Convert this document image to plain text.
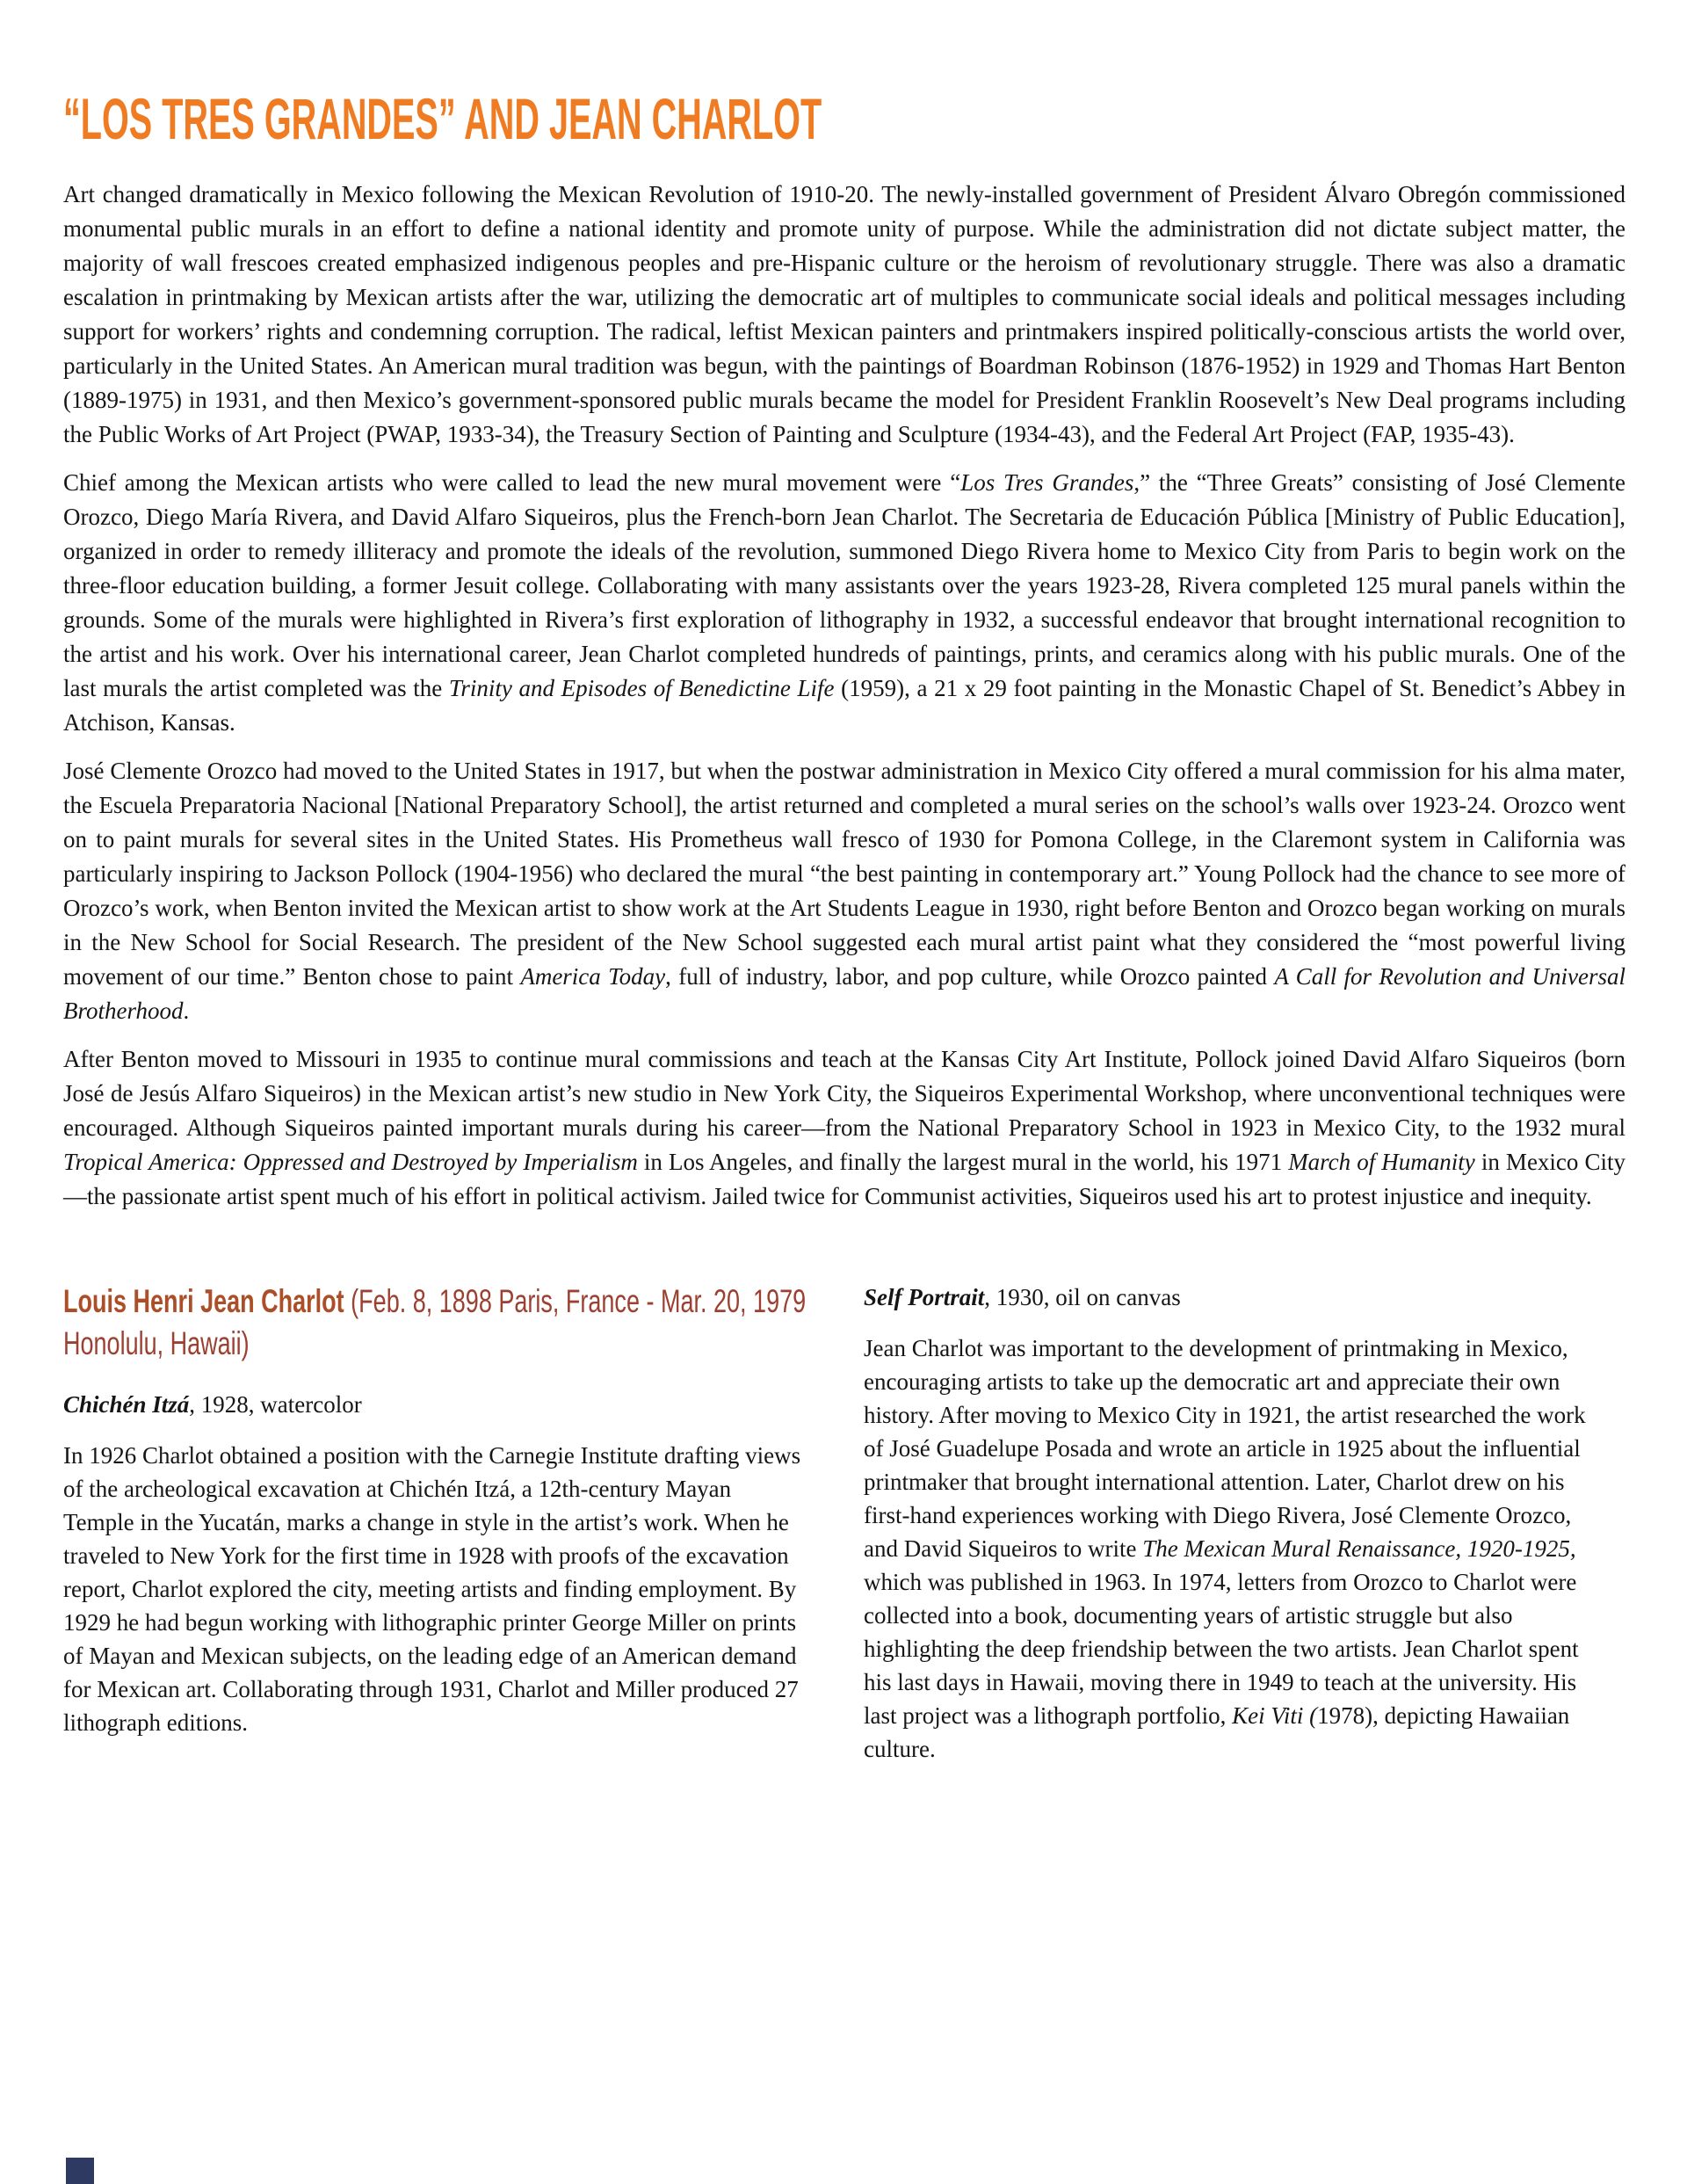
“LOS TRES GRANDES” AND JEAN CHARLOT

Art changed dramatically in Mexico following the Mexican Revolution of 1910-20. The newly-installed government of President Álvaro Obregón commissioned monumental public murals in an effort to define a national identity and promote unity of purpose. While the administration did not dictate subject matter, the majority of wall frescoes created emphasized indigenous peoples and pre-Hispanic culture or the heroism of revolutionary struggle. There was also a dramatic escalation in printmaking by Mexican artists after the war, utilizing the democratic art of multiples to communicate social ideals and political messages including support for workers’ rights and condemning corruption. The radical, leftist Mexican painters and printmakers inspired politically-conscious artists the world over, particularly in the United States. An American mural tradition was begun, with the paintings of Boardman Robinson (1876-1952) in 1929 and Thomas Hart Benton (1889-1975) in 1931, and then Mexico’s government-sponsored public murals became the model for President Franklin Roosevelt’s New Deal programs including the Public Works of Art Project (PWAP, 1933-34), the Treasury Section of Painting and Sculpture (1934-43), and the Federal Art Project (FAP, 1935-43).

Chief among the Mexican artists who were called to lead the new mural movement were “Los Tres Grandes,” the “Three Greats” consisting of José Clemente Orozco, Diego María Rivera, and David Alfaro Siqueiros, plus the French-born Jean Charlot. The Secretaria de Educación Pública [Ministry of Public Education], organized in order to remedy illiteracy and promote the ideals of the revolution, summoned Diego Rivera home to Mexico City from Paris to begin work on the three-floor education building, a former Jesuit college. Collaborating with many assistants over the years 1923-28, Rivera completed 125 mural panels within the grounds. Some of the murals were highlighted in Rivera’s first exploration of lithography in 1932, a successful endeavor that brought international recognition to the artist and his work. Over his international career, Jean Charlot completed hundreds of paintings, prints, and ceramics along with his public murals. One of the last murals the artist completed was the Trinity and Episodes of Benedictine Life (1959), a 21 x 29 foot painting in the Monastic Chapel of St. Benedict’s Abbey in Atchison, Kansas.

José Clemente Orozco had moved to the United States in 1917, but when the postwar administration in Mexico City offered a mural commission for his alma mater, the Escuela Preparatoria Nacional [National Preparatory School], the artist returned and completed a mural series on the school’s walls over 1923-24. Orozco went on to paint murals for several sites in the United States. His Prometheus wall fresco of 1930 for Pomona College, in the Claremont system in California was particularly inspiring to Jackson Pollock (1904-1956) who declared the mural “the best painting in contemporary art.” Young Pollock had the chance to see more of Orozco’s work, when Benton invited the Mexican artist to show work at the Art Students League in 1930, right before Benton and Orozco began working on murals in the New School for Social Research. The president of the New School suggested each mural artist paint what they considered the “most powerful living movement of our time.” Benton chose to paint America Today, full of industry, labor, and pop culture, while Orozco painted A Call for Revolution and Universal Brotherhood.

After Benton moved to Missouri in 1935 to continue mural commissions and teach at the Kansas City Art Institute, Pollock joined David Alfaro Siqueiros (born José de Jesús Alfaro Siqueiros) in the Mexican artist’s new studio in New York City, the Siqueiros Experimental Workshop, where unconventional techniques were encouraged. Although Siqueiros painted important murals during his career—from the National Preparatory School in 1923 in Mexico City, to the 1932 mural Tropical America: Oppressed and Destroyed by Imperialism in Los Angeles, and finally the largest mural in the world, his 1971 March of Humanity in Mexico City—the passionate artist spent much of his effort in political activism. Jailed twice for Communist activities, Siqueiros used his art to protest injustice and inequity.

Louis Henri Jean Charlot (Feb. 8, 1898 Paris, France - Mar. 20, 1979 Honolulu, Hawaii)

Chichén Itzá, 1928, watercolor

In 1926 Charlot obtained a position with the Carnegie Institute drafting views of the archeological excavation at Chichén Itzá, a 12th-century Mayan Temple in the Yucatán, marks a change in style in the artist’s work. When he traveled to New York for the first time in 1928 with proofs of the excavation report, Charlot explored the city, meeting artists and finding employment. By 1929 he had begun working with lithographic printer George Miller on prints of Mayan and Mexican subjects, on the leading edge of an American demand for Mexican art. Collaborating through 1931, Charlot and Miller produced 27 lithograph editions.

Self Portrait, 1930, oil on canvas

Jean Charlot was important to the development of printmaking in Mexico, encouraging artists to take up the democratic art and appreciate their own history. After moving to Mexico City in 1921, the artist researched the work of José Guadelupe Posada and wrote an article in 1925 about the influential printmaker that brought international attention. Later, Charlot drew on his first-hand experiences working with Diego Rivera, José Clemente Orozco, and David Siqueiros to write The Mexican Mural Renaissance, 1920-1925, which was published in 1963. In 1974, letters from Orozco to Charlot were collected into a book, documenting years of artistic struggle but also highlighting the deep friendship between the two artists. Jean Charlot spent his last days in Hawaii, moving there in 1949 to teach at the university. His last project was a lithograph portfolio, Kei Viti (1978), depicting Hawaiian culture.
